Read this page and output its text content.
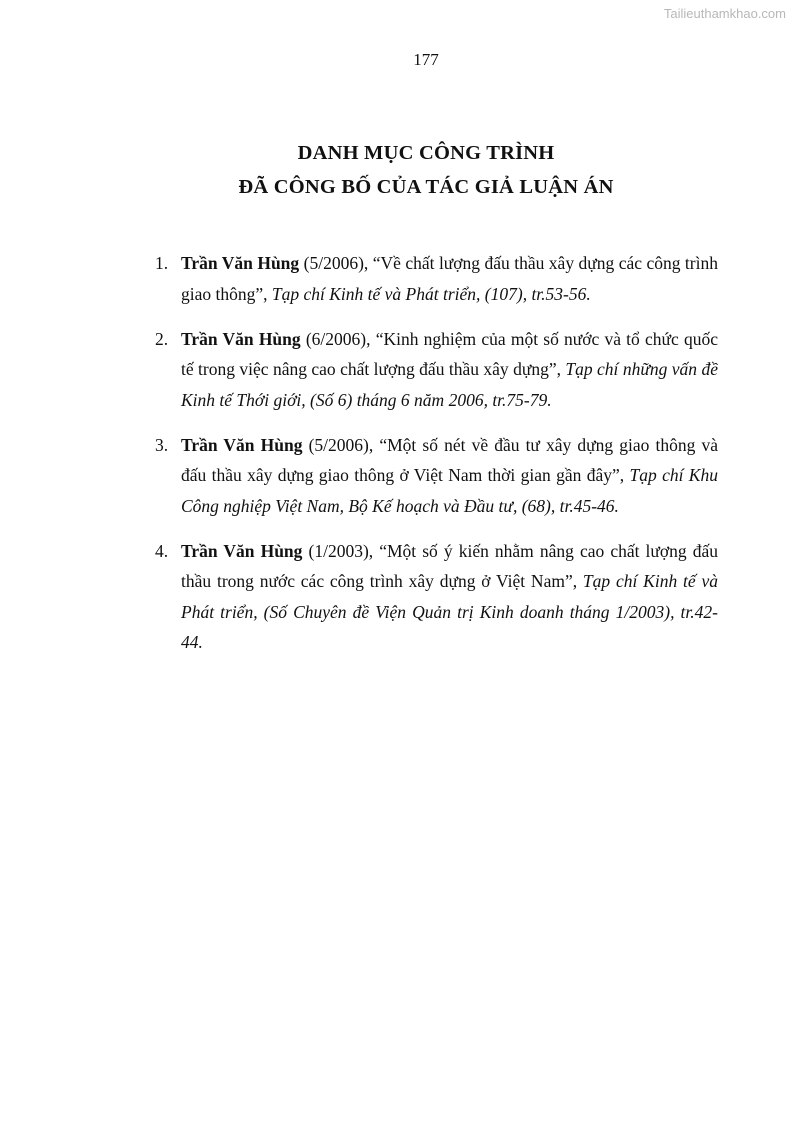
Tailieuthamkhao.com
177
DANH MỤC CÔNG TRÌNH
ĐÃ CÔNG BỐ CỦA TÁC GIẢ LUẬN ÁN
1. Trần Văn Hùng (5/2006), “Về chất lượng đấu thầu xây dựng các công trình giao thông”, Tạp chí Kinh tế và Phát triển, (107), tr.53-56.
2. Trần Văn Hùng (6/2006), “Kinh nghiệm của một số nước và tổ chức quốc tế trong việc nâng cao chất lượng đấu thầu xây dựng”, Tạp chí những vấn đề Kinh tế Thới giới, (Số 6) tháng 6 năm 2006, tr.75-79.
3. Trần Văn Hùng (5/2006), “Một số nét về đầu tư xây dựng giao thông và đấu thầu xây dựng giao thông ở Việt Nam thời gian gần đây”, Tạp chí Khu Công nghiệp Việt Nam, Bộ Kế hoạch và Đầu tư, (68), tr.45-46.
4. Trần Văn Hùng (1/2003), “Một số ý kiến nhằm nâng cao chất lượng đấu thầu trong nước các công trình xây dựng ở Việt Nam”, Tạp chí Kinh tế và Phát triển, (Số Chuyên đề Viện Quản trị Kinh doanh tháng 1/2003), tr.42-44.
